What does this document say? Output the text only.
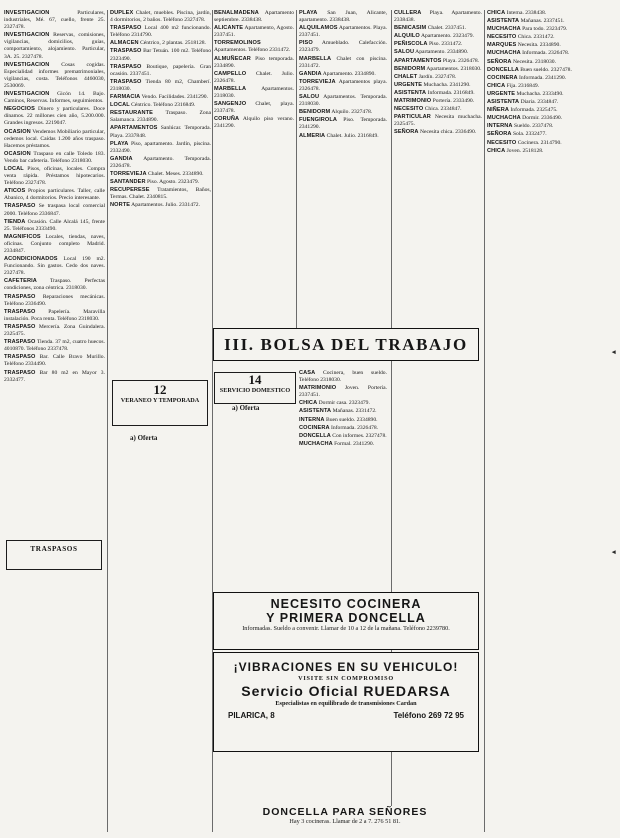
INVESTIGACION Particulares, industriales, Mé. 67, cuello, frente 25. 2327478.

INVESTIGACION Reservas, comisiones, vigilancias, domicilios, guías, comportamiento, alojamiento. Particular, 3A. 25. 2327478.

INVESTIGACION Cosas cogidas. Especialidad informes prematrimoniales, vigilancias, costa. Teléfonos 4460030, 2530069.

INVESTIGACION Gicón 14. Bajo. Caminos, Reservas. Informes, seguimientos.

NEGOCIOS Dinero y particulares. Doce dínamos. 22 millones cien año, 5.200.000. Grandes ingresos. 2219047.

OCASION Vendemos Mobiliario particular, cedemos local. Caídas 1.200 años traspaso. Hacemos préstamos.

OCASION Traspaso en calle Toledo 183. Vendo bar cafetería. Teléfono 2318030.

LOCAL Pisos, oficinas, locales. Compra venta rápida. Préstamos hipotecarios. Teléfono 2327478.

ATICOS Propios particulares. Taller, calle Abanico, 4 dormitorios. Precio interesante.

TRASPASO Se traspasa local comercial 2000. Teléfono 2336847.

TIENDA Ocasión. Calle Alcalá 145, frente 25. Teléfonos 2333490.

MAGNIFICOS Locales, tiendas, naves, oficinas. Conjunto completo Madrid. 2334847.

ACONDICIONADOS Local 190 m2. Funcionando. Sin gastos. Cedo dos naves. 2327478.

CAFETERIA Traspaso. Perfectas condiciones, zona céntrica. 2318030.

TRASPASO Reparaciones mecánicas. Teléfono 2336490.

TRASPASO Papelería. Maravilla instalación. Poca renta. Teléfono 2318030.

TRASPASO Mercería. Zona Guindalera. 2325475.

TRASPASO Tienda. 37 m2, cuatro huecos. 4010870. Teléfono 2337478.

TRASPASO Bar. Calle Bravo Murillo. Teléfono 2334490.

TRASPASO Bar 80 m2 en Mayor 3. 2332477.

DUPLEX Chalet, muebles. Piscina, jardín, 4 dormitorios, 2 baños. Teléfono 2327478.

TRASPASO Local 400 m2 funcionando. Teléfono 2314790.

ALMACEN Céntrico, 2 plantas. 2518128.

TRASPASO Bar Tetuán. 100 m2. Teléfono 2323490.

TRASPASO Boutique, papelería. Gran ocasión. 2337451.

TRASPASO Tienda 80 m2, Chamberí. 2318030.

FARMACIA Vendo. Facilidades. 2341290.

LOCAL Céntrico. Teléfono 2316849.

RESTAURANTE Traspaso. Zona Salamanca. 2334890.

APARTAMENTOS Sanlúcar. Temporada. Playa. 2337848.

PLAYA Piso, apartamento. Jardín, piscina. 2332490.

GANDIA Apartamento. Temporada. 2326478.

TORREVIEJA Chalet. Meses. 2334890.

SANTANDER Piso. Agosto. 2323479.

RECUPERESE Tratamientos, Baños, Termas. Chalet. 2340815.

NORTE Apartamentos. Julio. 2331472.

BENALMADENA Apartamento septiembre. 2338438.

ALICANTE Apartamento, Agosto. 2337451.

TORREMOLINOS Apartamentos. Teléfono 2331472.

ALMUÑECAR Piso temporada. 2334890.

CAMPELLO Chalet. Julio. 2326478.

MARBELLA Apartamentos. 2318030.

SANGENJO Chalet, playa. 2337478.

CORUÑA Alquilo piso verano. 2341290.

PLAYA San Juan, Alicante, apartamento. 2338438.

ALQUILAMOS Apartamentos. Playa. 2337451.

PISO Amueblado. Calefacción. 2323479.

MARBELLA Chalet con piscina. 2331472.

GANDIA Apartamento. 2334890.

TORREVIEJA Apartamentos playa. 2326478.

SALOU Apartamentos. Temporada. 2318030.

BENIDORM Alquilo. 2327478.

FUENGIROLA Piso. Temporada. 2341290.

ALMERIA Chalet. Julio. 2316849.

CULLERA Playa. Apartamento. 2338438.

BENICASIM Chalet. 2337451.

ALQUILO Apartamento. 2323479.

PEÑISCOLA Piso. 2331472.

SALOU Apartamento. 2334890.

APARTAMENTOS Playa. 2326478.

BENIDORM Apartamentos. 2318030.

CHALET Jardín. 2327478.

URGENTE Muchacha. 2341290.

ASISTENTA Informada. 2316849.

MATRIMONIO Portería. 2333490.

NECESITO Chica. 2334847.

PARTICULAR Necesita muchacha. 2325475.

SEÑORA Necesita chica. 2336490.

CHICA Interna. 2338438.

ASISTENTA Mañanas. 2337451.

MUCHACHA Para todo. 2323479.

NECESITO Chica. 2331472.

MARQUES Necesita. 2334890.

MUCHACHA Informada. 2326478.

SEÑORA Necesita. 2318030.

DONCELLA Buen sueldo. 2327478.

COCINERA Informada. 2341290.

CHICA Fija. 2316849.

URGENTE Muchacha. 2333490.

ASISTENTA Diaria. 2334847.

NIÑERA Informada. 2325475.

MUCHACHA Dormir. 2336490.

INTERNA Sueldo. 2337478.

SEÑORA Sola. 2332477.

NECESITO Cocinera. 2314790.

CHICA Joven. 2518128.

TRASPASOS
12
VERANEO Y TEMPORADA
a) Oferta
III. BOLSA DEL TRABAJO
14
SERVICIO DOMESTICO
a) Oferta

CASA Cocinera, buen sueldo. Teléfono 2318030.

MATRIMONIO Joven. Portería. 2337451.

CHICA Dormir casa. 2323479.

ASISTENTA Mañanas. 2331472.

INTERNA Buen sueldo. 2334890.

COCINERA Informada. 2326478.

DONCELLA Con informes. 2327478.

MUCHACHA Formal. 2341290.

NECESITO COCINERA
Y PRIMERA DONCELLA
Informadas. Sueldo a convenir. Llamar de 10 a 12 de la mañana. Teléfono 2239780.
¡VIBRACIONES EN SU VEHICULO!
VISITE SIN COMPROMISO
Servicio Oficial RUEDARSA
Especialistas en equilibrado de transmisiones Cardan
PILARICA, 8	Teléfono 269 72 95
DONCELLA PARA SEÑORES
Hay 3 cocineras. Llamar de 2 a 7. 276 51 81.
◂
◂
